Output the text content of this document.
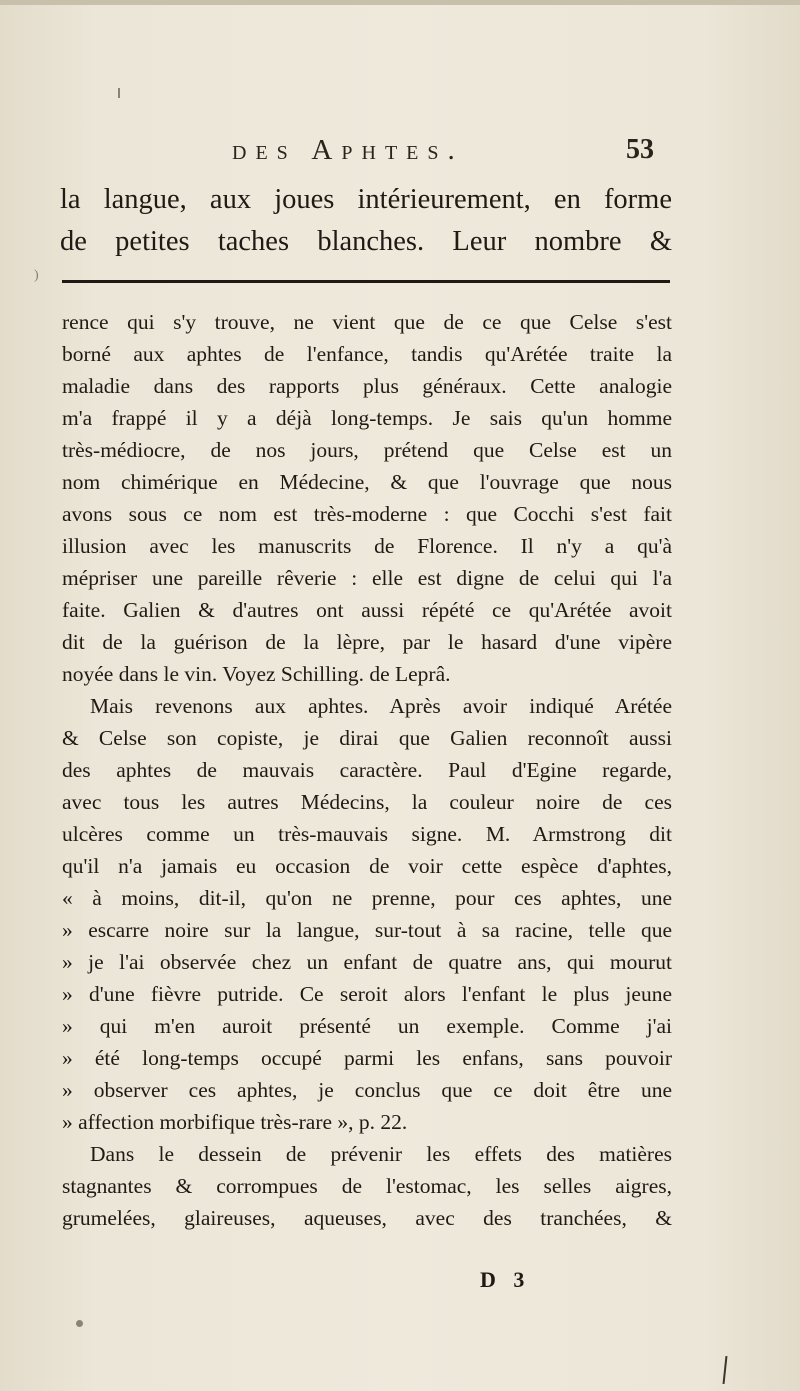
des Aphtes.	53
la langue, aux joues intérieurement, en forme
de petites taches blanches. Leur nombre &
)
rence qui s'y trouve, ne vient que de ce que Celse s'est
borné aux aphtes de l'enfance, tandis qu'Arétée traite la
maladie dans des rapports plus généraux. Cette analogie
m'a frappé il y a déjà long-temps. Je sais qu'un homme
très-médiocre, de nos jours, prétend que Celse est un
nom chimérique en Médecine, & que l'ouvrage que nous
avons sous ce nom est très-moderne : que Cocchi s'est fait
illusion avec les manuscrits de Florence. Il n'y a qu'à
mépriser une pareille rêverie : elle est digne de celui qui l'a
faite. Galien & d'autres ont aussi répété ce qu'Arétée avoit
dit de la guérison de la lèpre, par le hasard d'une vipère
noyée dans le vin. Voyez Schilling. de Leprâ.
Mais revenons aux aphtes. Après avoir indiqué Arétée
& Celse son copiste, je dirai que Galien reconnoît aussi
des aphtes de mauvais caractère. Paul d'Egine regarde,
avec tous les autres Médecins, la couleur noire de ces
ulcères comme un très-mauvais signe. M. Armstrong dit
qu'il n'a jamais eu occasion de voir cette espèce d'aphtes,
« à moins, dit-il, qu'on ne prenne, pour ces aphtes, une
» escarre noire sur la langue, sur-tout à sa racine, telle que
» je l'ai observée chez un enfant de quatre ans, qui mourut
» d'une fièvre putride. Ce seroit alors l'enfant le plus jeune
» qui m'en auroit présenté un exemple. Comme j'ai
» été long-temps occupé parmi les enfans, sans pouvoir
» observer ces aphtes, je conclus que ce doit être une
» affection morbifique très-rare », p. 22.
Dans le dessein de prévenir les effets des matières
stagnantes & corrompues de l'estomac, les selles aigres,
grumelées, glaireuses, aqueuses, avec des tranchées, &
D 3
